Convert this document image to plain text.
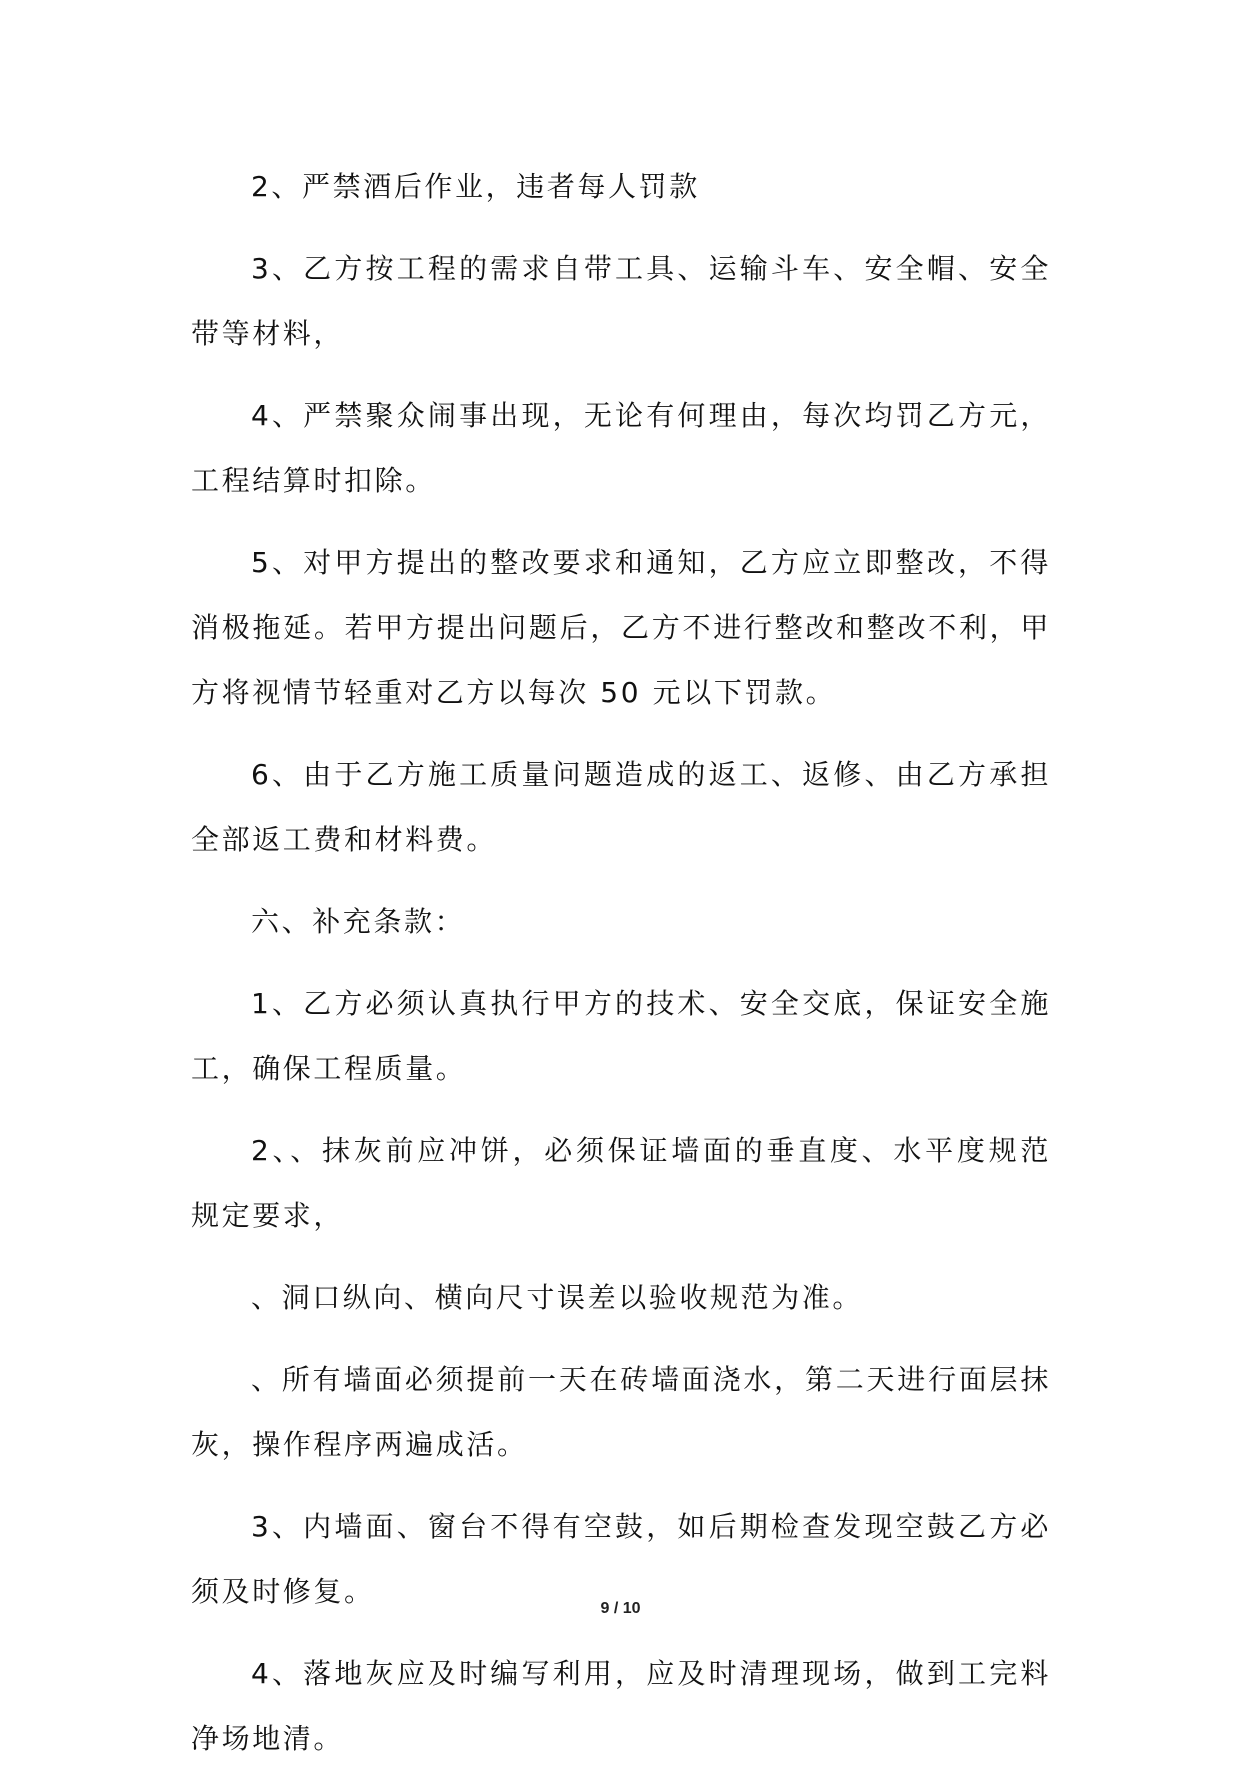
2、严禁酒后作业，违者每人罚款

3、乙方按工程的需求自带工具、运输斗车、安全帽、安全带等材料，

4、严禁聚众闹事出现，无论有何理由，每次均罚乙方元，工程结算时扣除。

5、对甲方提出的整改要求和通知，乙方应立即整改，不得消极拖延。若甲方提出问题后，乙方不进行整改和整改不利，甲方将视情节轻重对乙方以每次 50 元以下罚款。

6、由于乙方施工质量问题造成的返工、返修、由乙方承担全部返工费和材料费。

六、补充条款：

1、乙方必须认真执行甲方的技术、安全交底，保证安全施工，确保工程质量。

2、、抹灰前应冲饼，必须保证墙面的垂直度、水平度规范规定要求，

、洞口纵向、横向尺寸误差以验收规范为准。

、所有墙面必须提前一天在砖墙面浇水，第二天进行面层抹灰，操作程序两遍成活。

3、内墙面、窗台不得有空鼓，如后期检查发现空鼓乙方必须及时修复。

4、落地灰应及时编写利用，应及时清理现场，做到工完料净场地清。

9 / 10
